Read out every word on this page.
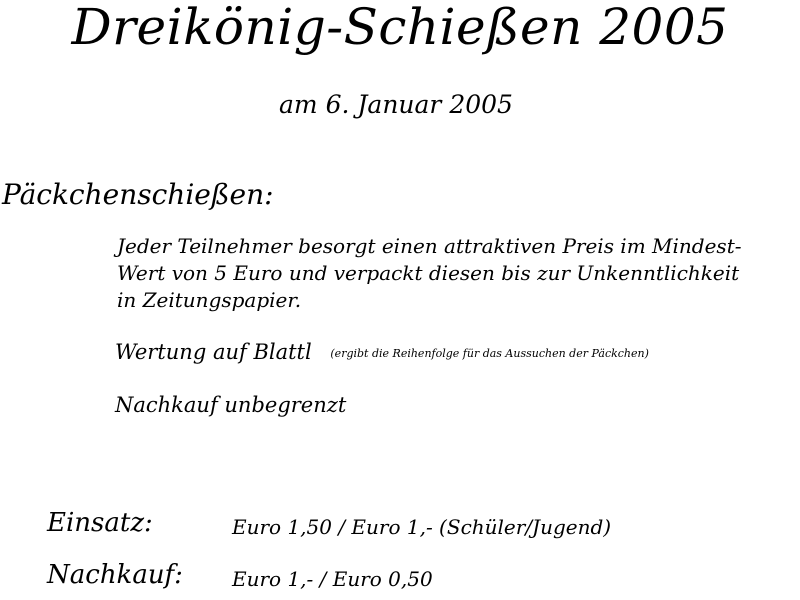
Dreikönig-Schießen 2005
am 6. Januar 2005
Päckchenschießen:
Jeder Teilnehmer besorgt einen attraktiven Preis im Mindest-
Wert von 5 Euro und verpackt diesen bis zur Unkenntlichkeit
in Zeitungspapier.
Wertung auf Blattl (ergibt die Reihenfolge für das Aussuchen der Päckchen)
Nachkauf unbegrenzt
Einsatz:	Euro 1,50 / Euro 1,- (Schüler/Jugend)
Nachkauf: Euro 1,- / Euro 0,50
